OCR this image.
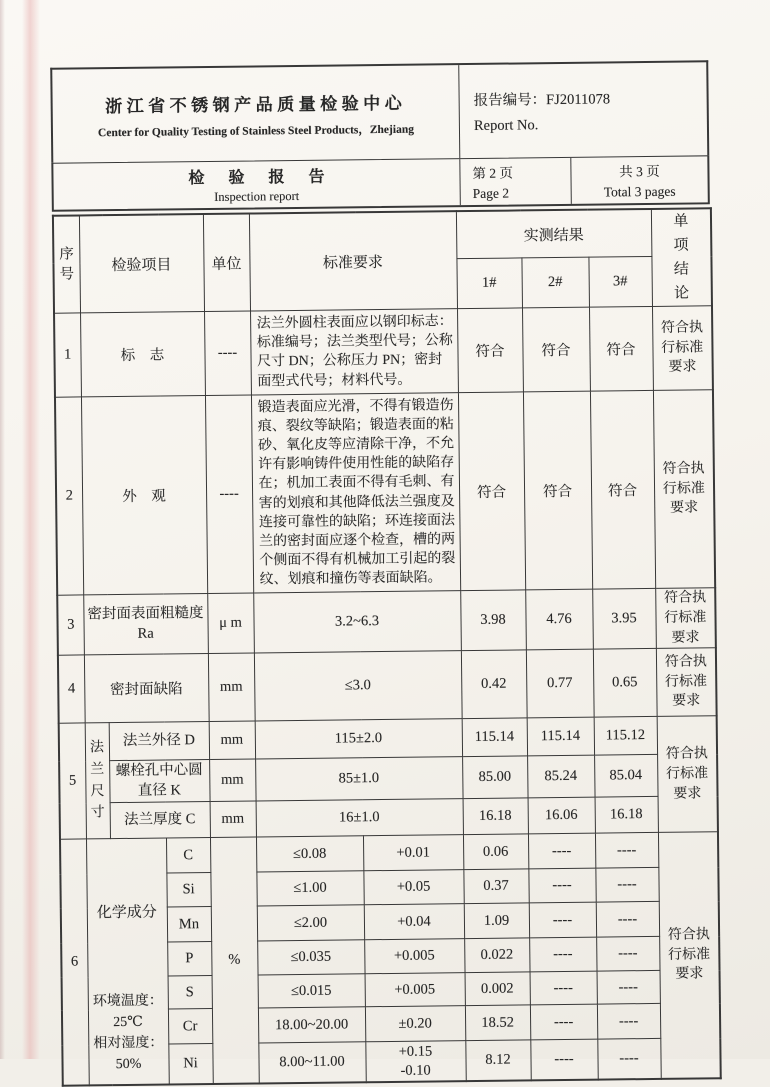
浙江省不锈钢产品质量检验中心
Center for Quality Testing of Stainless Steel Products，Zhejiang
报告编号：FJ2011078
Report No.
检 验 报 告
Inspection report
第 2 页
Page 2
共 3 页
Total 3 pages
序号	检验项目			单位	标准要求		实测结果			单项结论
							1#	2#	3#	
1	标　志			----	法兰外圆柱表面应以钢印标志：标准编号；法兰类型代号；公称尺寸 DN；公称压力 PN；密封面型式代号；材料代号。		符合	符合	符合	符合执行标准要求
2	外　观			----	锻造表面应光滑，不得有锻造伤痕、裂纹等缺陷；锻造表面的粘砂、氧化皮等应清除干净，不允许有影响铸件使用性能的缺陷存在；机加工表面不得有毛刺、有害的划痕和其他降低法兰强度及连接可靠性的缺陷；环连接面法兰的密封面应逐个检查，槽的两个侧面不得有机械加工引起的裂纹、划痕和撞伤等表面缺陷。		符合	符合	符合	符合执行标准要求
3	密封面表面粗糙度
Ra			μ m	3.2~6.3		3.98	4.76	3.95	符合执行标准要求
4	密封面缺陷			mm	≤3.0		0.42	0.77	0.65	符合执行标准要求
5	法兰尺寸	法兰外径 D		mm	115±2.0		115.14	115.14	115.12	符合执行标准要求
		螺栓孔中心圆直径 K		mm	85±1.0		85.00	85.24	85.04	
		法兰厚度 C		mm	16±1.0		16.18	16.06	16.18	
6	化学成分
环境温度：
25℃
相对湿度：
50%		C	%	≤0.08	+0.01	0.06	----	----	符合执行标准要求
			Si		≤1.00	+0.05	0.37	----	----	
			Mn		≤2.00	+0.04	1.09	----	----	
			P		≤0.035	+0.005	0.022	----	----	
			S		≤0.015	+0.005	0.002	----	----	
			Cr		18.00~20.00	±0.20	18.52	----	----	
			Ni		8.00~11.00	+0.15
-0.10	8.12	----	----	
